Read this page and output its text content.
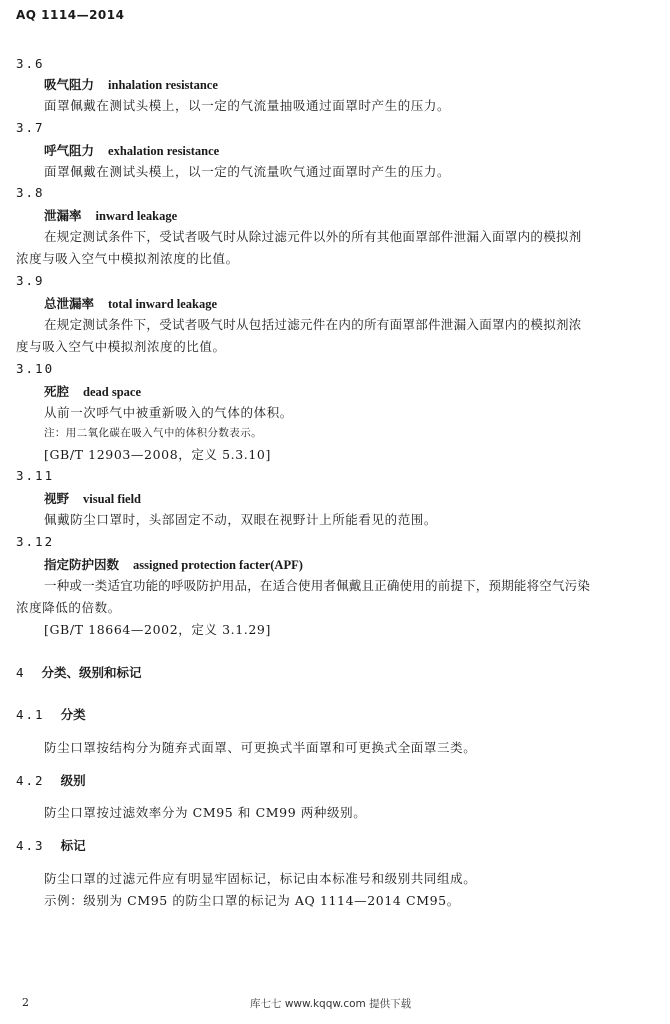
AQ 1114—2014
3.6
吸气阻力 inhalation resistance
面罩佩戴在测试头模上，以一定的气流量抽吸通过面罩时产生的压力。
3.7
呼气阻力 exhalation resistance
面罩佩戴在测试头模上，以一定的气流量吹气通过面罩时产生的压力。
3.8
泄漏率 inward leakage
在规定测试条件下，受试者吸气时从除过滤元件以外的所有其他面罩部件泄漏入面罩内的模拟剂
浓度与吸入空气中模拟剂浓度的比值。
3.9
总泄漏率 total inward leakage
在规定测试条件下，受试者吸气时从包括过滤元件在内的所有面罩部件泄漏入面罩内的模拟剂浓
度与吸入空气中模拟剂浓度的比值。
3.10
死腔 dead space
从前一次呼气中被重新吸入的气体的体积。
注：用二氧化碳在吸入气中的体积分数表示。
[GB/T 12903—2008，定义 5.3.10]
3.11
视野 visual field
佩戴防尘口罩时，头部固定不动，双眼在视野计上所能看见的范围。
3.12
指定防护因数 assigned protection facter(APF)
一种或一类适宜功能的呼吸防护用品，在适合使用者佩戴且正确使用的前提下，预期能将空气污染
浓度降低的倍数。
[GB/T 18664—2002，定义 3.1.29]
4 分类、级别和标记
4.1 分类
防尘口罩按结构分为随弃式面罩、可更换式半面罩和可更换式全面罩三类。
4.2 级别
防尘口罩按过滤效率分为 CM95 和 CM99 两种级别。
4.3 标记
防尘口罩的过滤元件应有明显牢固标记，标记由本标准号和级别共同组成。
示例：级别为 CM95 的防尘口罩的标记为 AQ 1114—2014 CM95。
2	库七七 www.kqqw.com 提供下载
